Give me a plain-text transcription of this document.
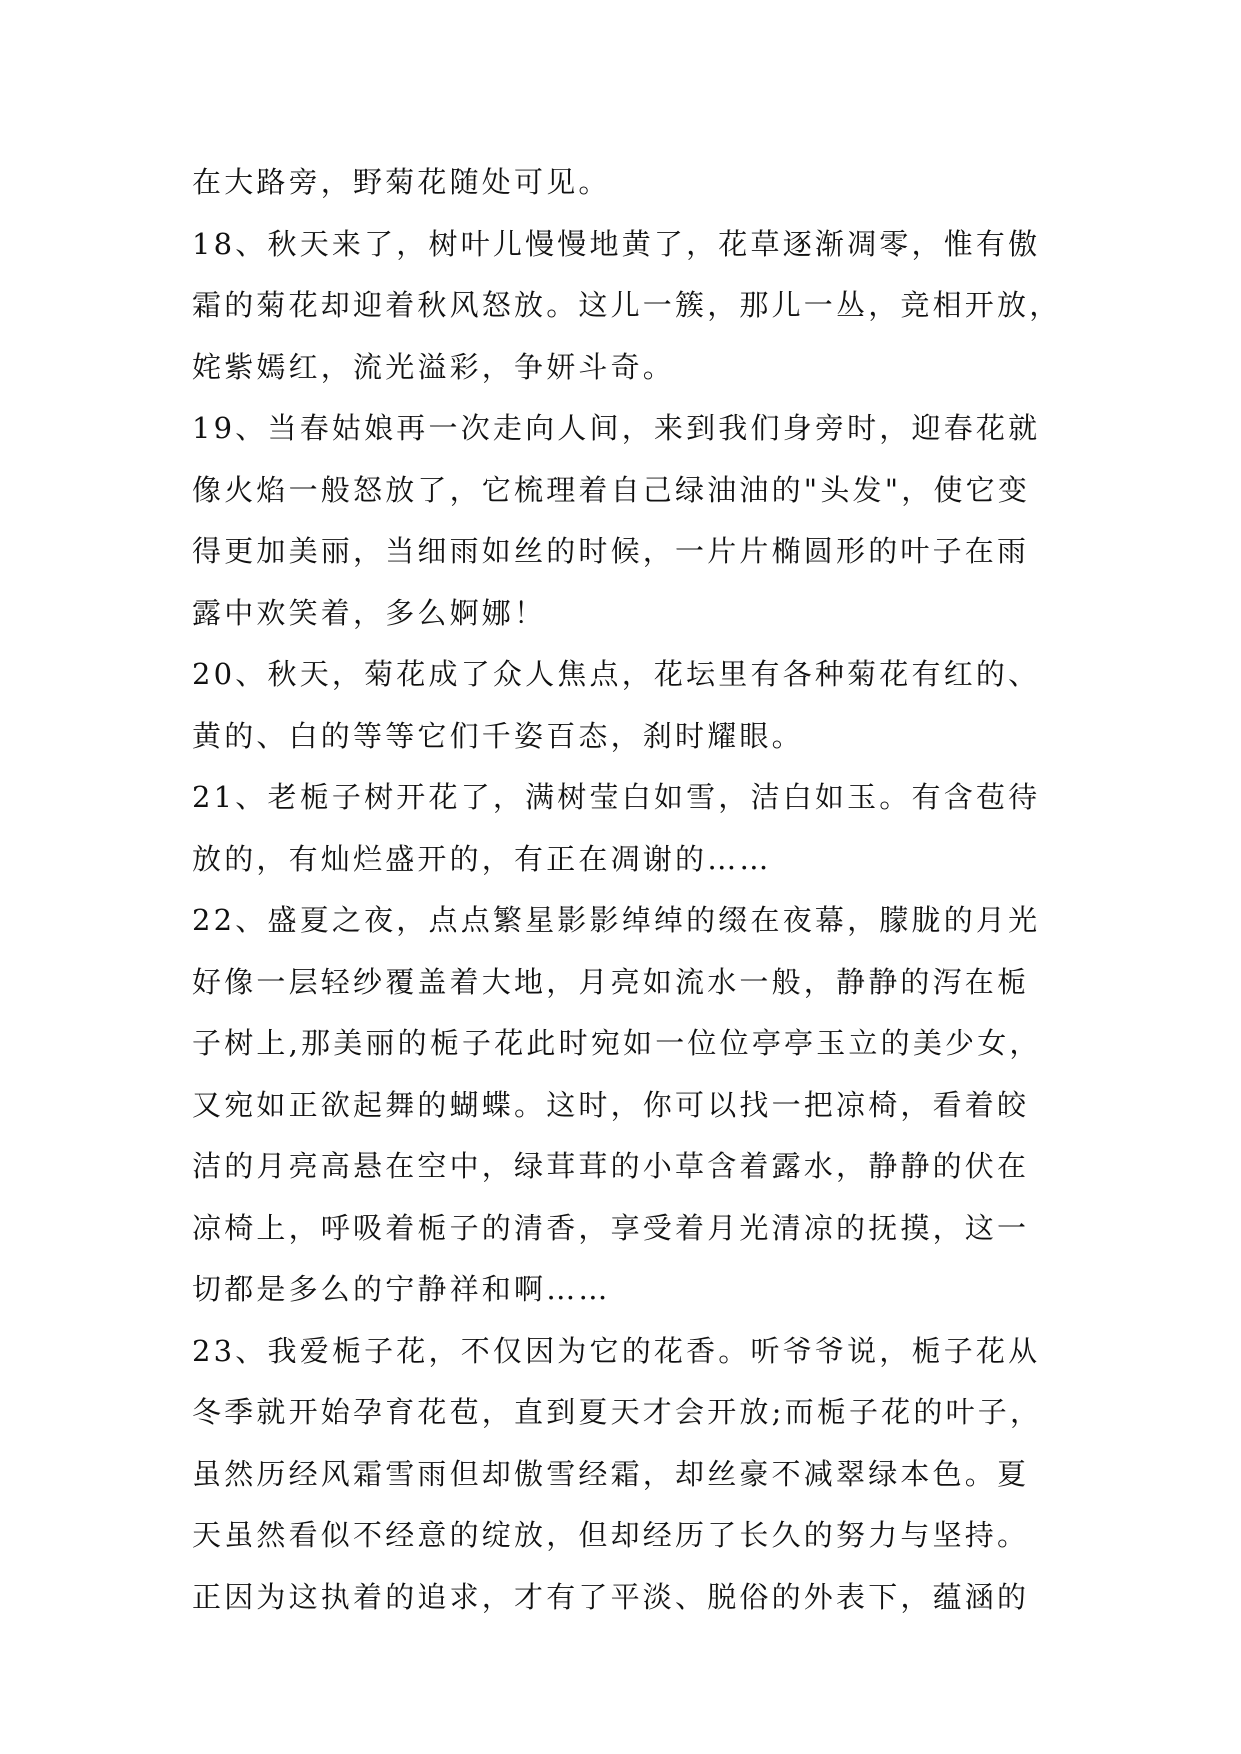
在大路旁，野菊花随处可见。
18、秋天来了，树叶儿慢慢地黄了，花草逐渐凋零，惟有傲
霜的菊花却迎着秋风怒放。这儿一簇，那儿一丛，竞相开放，
姹紫嫣红，流光溢彩，争妍斗奇。
19、当春姑娘再一次走向人间，来到我们身旁时，迎春花就
像火焰一般怒放了，它梳理着自己绿油油的"头发"，使它变
得更加美丽，当细雨如丝的时候，一片片椭圆形的叶子在雨
露中欢笑着，多么婀娜！
20、秋天，菊花成了众人焦点，花坛里有各种菊花有红的、
黄的、白的等等它们千姿百态，刹时耀眼。
21、老栀子树开花了，满树莹白如雪，洁白如玉。有含苞待
放的，有灿烂盛开的，有正在凋谢的……
22、盛夏之夜，点点繁星影影绰绰的缀在夜幕，朦胧的月光
好像一层轻纱覆盖着大地，月亮如流水一般，静静的泻在栀
子树上,那美丽的栀子花此时宛如一位位亭亭玉立的美少女，
又宛如正欲起舞的蝴蝶。这时，你可以找一把凉椅，看着皎
洁的月亮高悬在空中，绿茸茸的小草含着露水，静静的伏在
凉椅上，呼吸着栀子的清香，享受着月光清凉的抚摸，这一
切都是多么的宁静祥和啊……
23、我爱栀子花，不仅因为它的花香。听爷爷说，栀子花从
冬季就开始孕育花苞，直到夏天才会开放;而栀子花的叶子，
虽然历经风霜雪雨但却傲雪经霜，却丝豪不减翠绿本色。夏
天虽然看似不经意的绽放，但却经历了长久的努力与坚持。
正因为这执着的追求，才有了平淡、脱俗的外表下，蕴涵的
